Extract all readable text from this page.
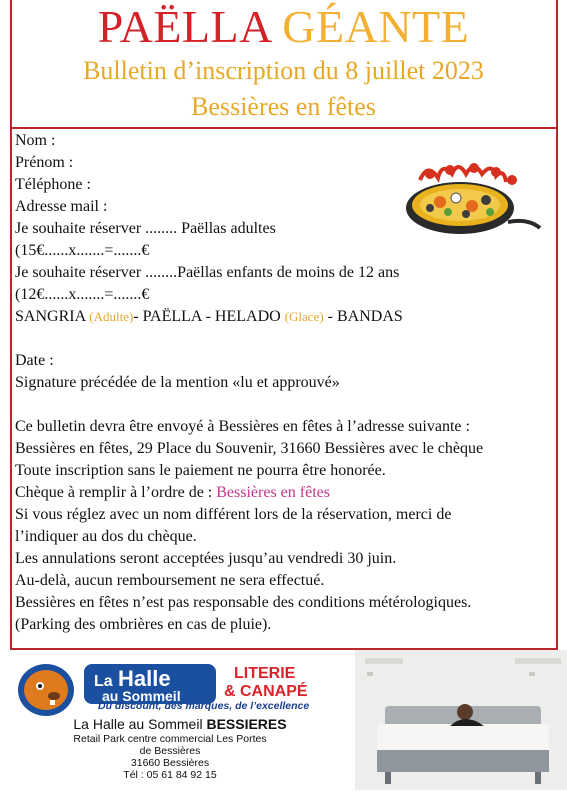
PAËLLA GÉANTE
Bulletin d’inscription du 8 juillet 2023
Bessières en fêtes
Nom :
Prénom :
Téléphone :
Adresse mail :
Je souhaite réserver ........ Paëllas adultes
(15€......x.......=.......€
Je souhaite réserver ........Paëllas enfants de moins de 12 ans
(12€......x.......=.......€
SANGRIA (Adulte)- PAËLLA - HELADO (Glace) - BANDAS
Date :
Signature précédée de la mention «lu et approuvé»
Ce bulletin devra être envoyé à Bessières en fêtes à l’adresse suivante :
Bessières en fêtes, 29 Place du Souvenir, 31660 Bessières avec le chèque
Toute inscription sans le paiement ne pourra être honorée.
Chèque à remplir à l’ordre de : Bessières en fêtes
Si vous réglez avec un nom différent lors de la réservation, merci de
l’indiquer au dos du chèque.
Les annulations seront acceptées jusqu’au vendredi 30 juin.
Au-delà, aucun remboursement ne sera effectué.
Bessières en fêtes n’est pas responsable des conditions métérologiques.
(Parking des ombrières en cas de pluie).
La Halle
au Sommeil
LITERIE
& CANAPÉ
Du discount, des marques, de l’excellence
La Halle au Sommeil BESSIERES
Retail Park centre commercial Les Portes
de Bessières
31660 Bessières
Tél : 05 61 84 92 15
